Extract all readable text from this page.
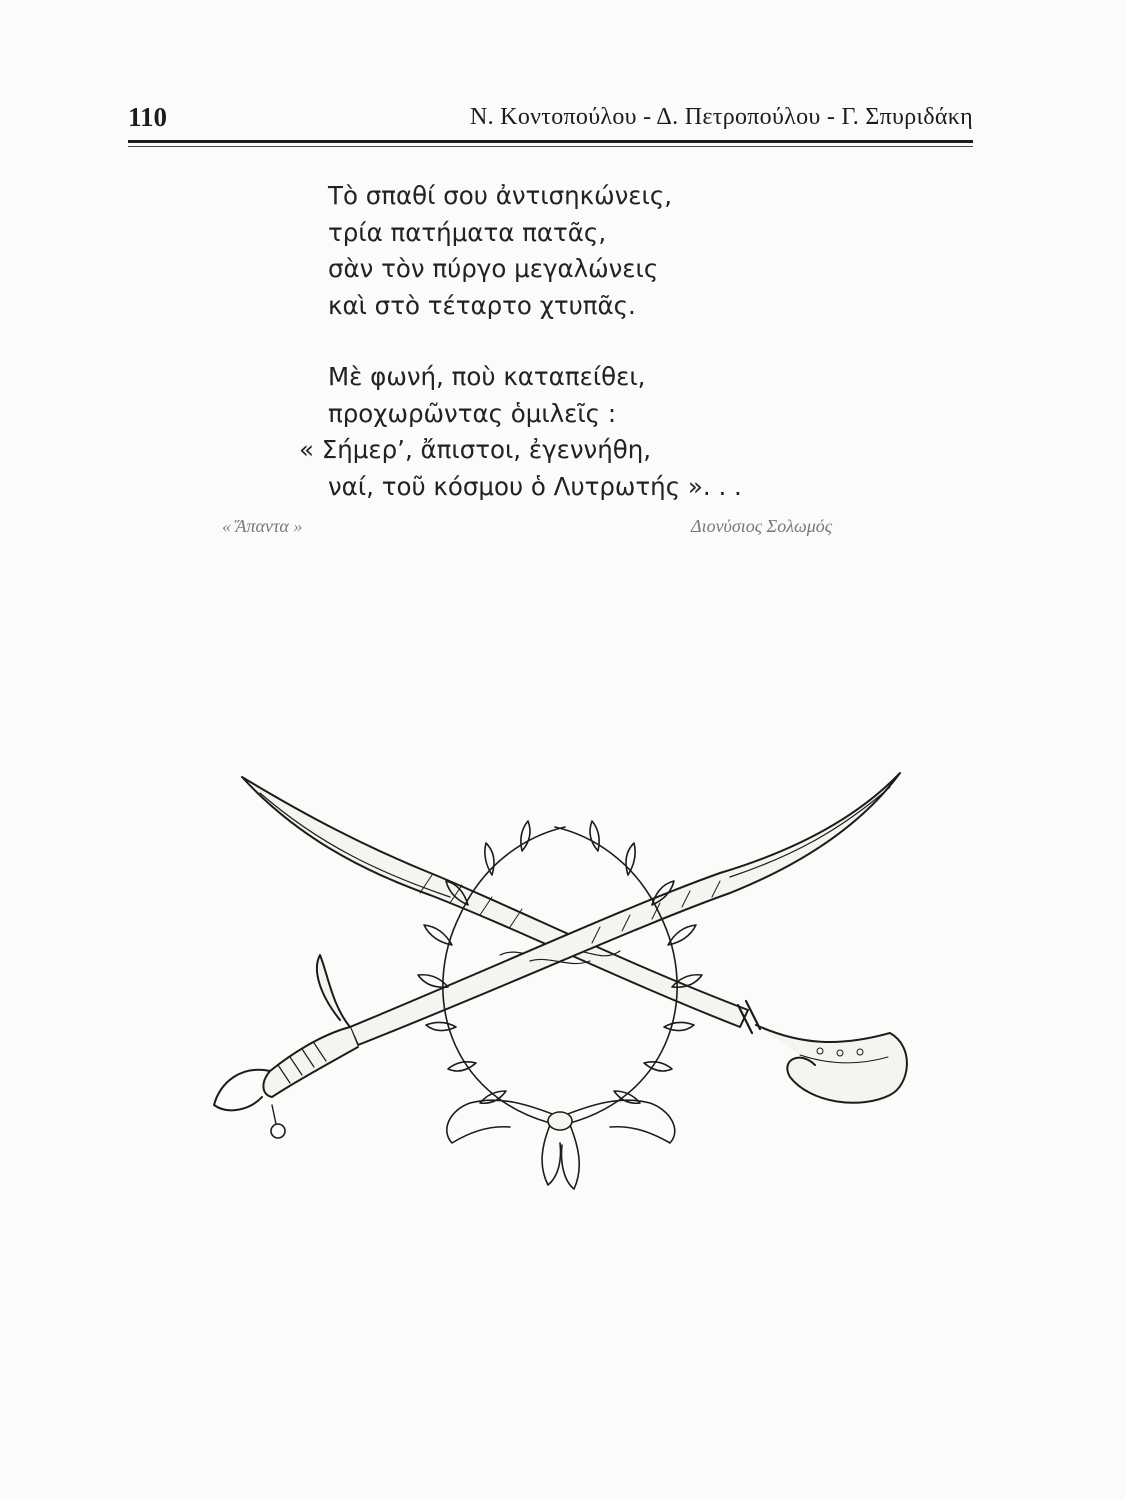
110	Ν. Κοντοπούλου - Δ. Πετροπούλου - Γ. Σπυριδάκη
Τὸ σπαθί σου ἀντισηκώνεις,
τρία πατήματα πατᾶς,
σὰν τὸν πύργο μεγαλώνεις
καὶ στὸ τέταρτο χτυπᾶς.
Μὲ φωνή, ποὺ καταπείθει,
προχωρῶντας ὁμιλεῖς :
« Σήμερ’, ἄπιστοι, ἐγεννήθη,
ναί, τοῦ κόσμου ὁ Λυτρωτής ». . .
« Ἅπαντα »	Διονύσιος Σολωμός
